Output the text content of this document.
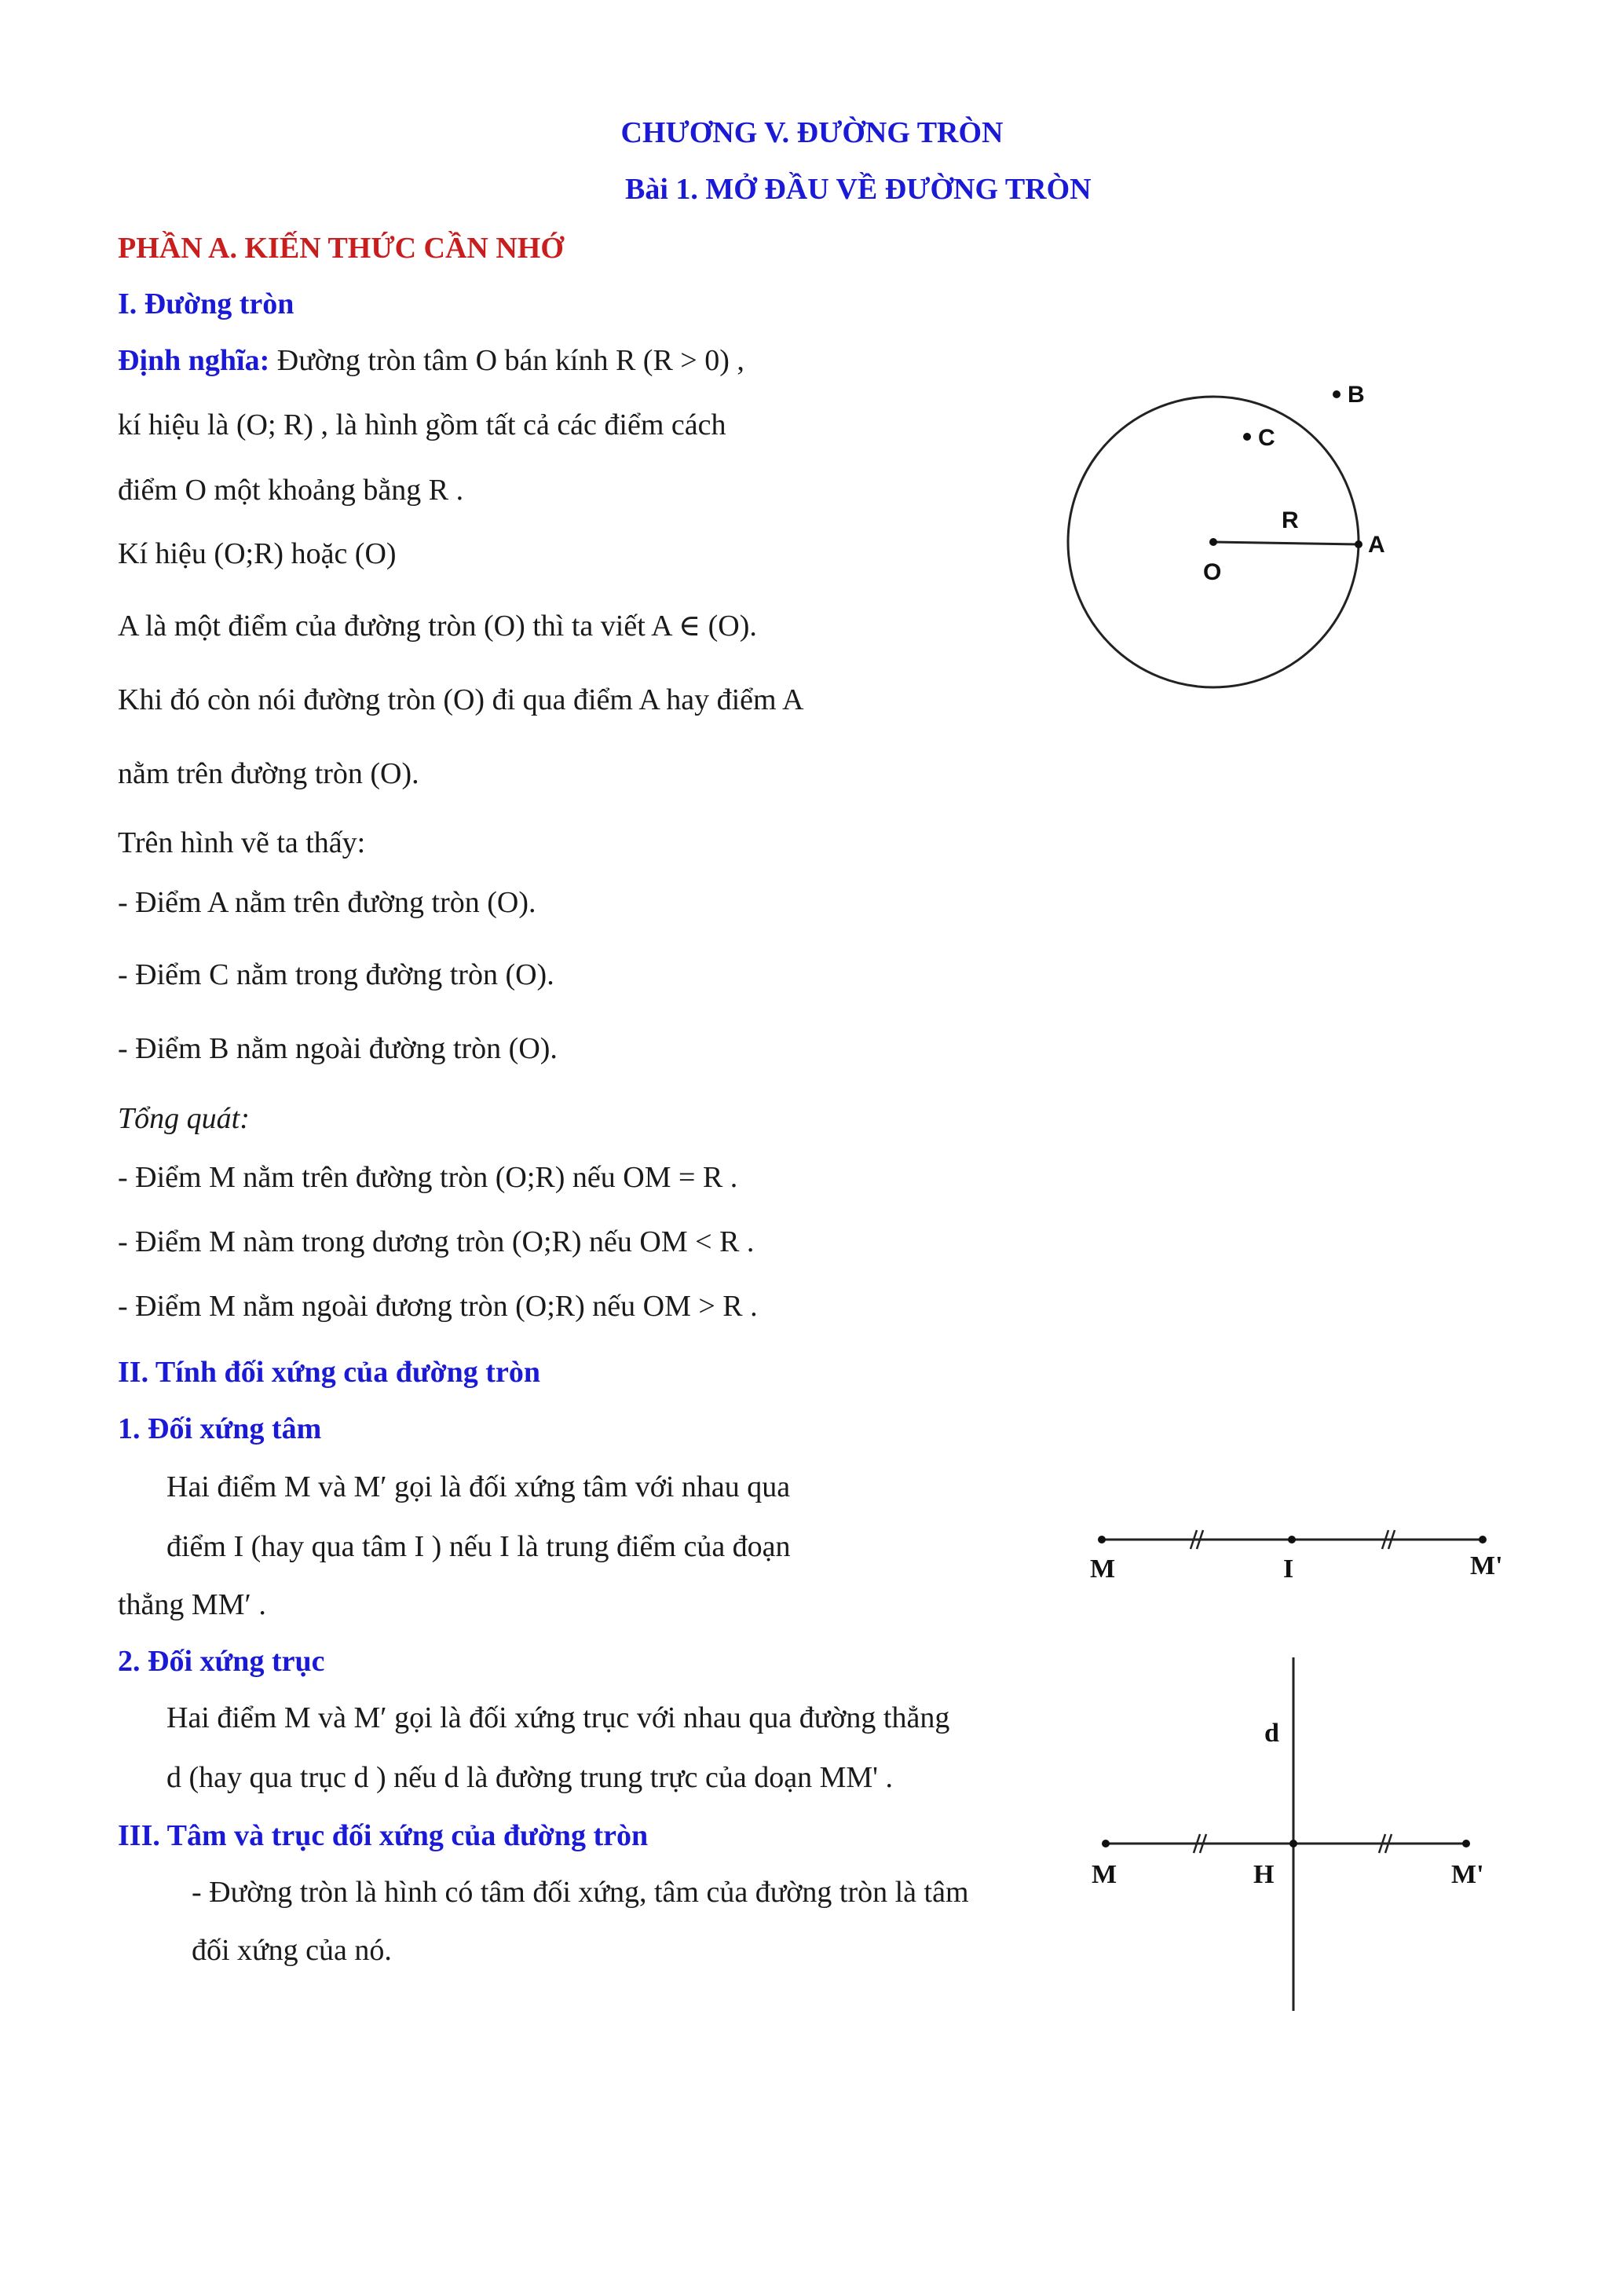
CHƯƠNG V. ĐƯỜNG TRÒN
Bài 1. MỞ ĐẦU VỀ ĐƯỜNG TRÒN
PHẦN A. KIẾN THỨC CẦN NHỚ
I. Đường tròn
Định nghĩa: Đường tròn tâm O bán kính R (R > 0) ,
kí hiệu là (O; R) , là hình gồm tất cả các điểm cách
điểm O một khoảng bằng R .
Kí hiệu (O;R) hoặc (O)
A là một điểm của đường tròn (O) thì ta viết A ∈ (O).
Khi đó còn nói đường tròn (O) đi qua điểm A hay điểm A
nằm trên đường tròn (O).
Trên hình vẽ ta thấy:
- Điểm A nằm trên đường tròn (O).
- Điểm C nằm trong đường tròn (O).
- Điểm B nằm ngoài đường tròn (O).
Tổng quát:
- Điểm M nằm trên đường tròn (O;R) nếu OM = R .
- Điểm M nàm trong dương tròn (O;R) nếu OM < R .
- Điểm M nằm ngoài đương tròn (O;R) nếu OM > R .
II. Tính đối xứng của đường tròn
1. Đối xứng tâm
Hai điểm M và M′ gọi là đối xứng tâm với nhau qua
điểm I (hay qua tâm I ) nếu I là trung điểm của đoạn
thẳng MM′ .
2. Đối xứng trục
Hai điểm M và M′ gọi là đối xứng trục với nhau qua đường thẳng
d (hay qua trục d ) nếu d là đường trung trực của doạn MM' .
III. Tâm và trục đối xứng của đường tròn
- Đường tròn là hình có tâm đối xứng, tâm của đường tròn là tâm
đối xứng của nó.
B
C
R
A
O
M	I	M'
d
M	H	M'
